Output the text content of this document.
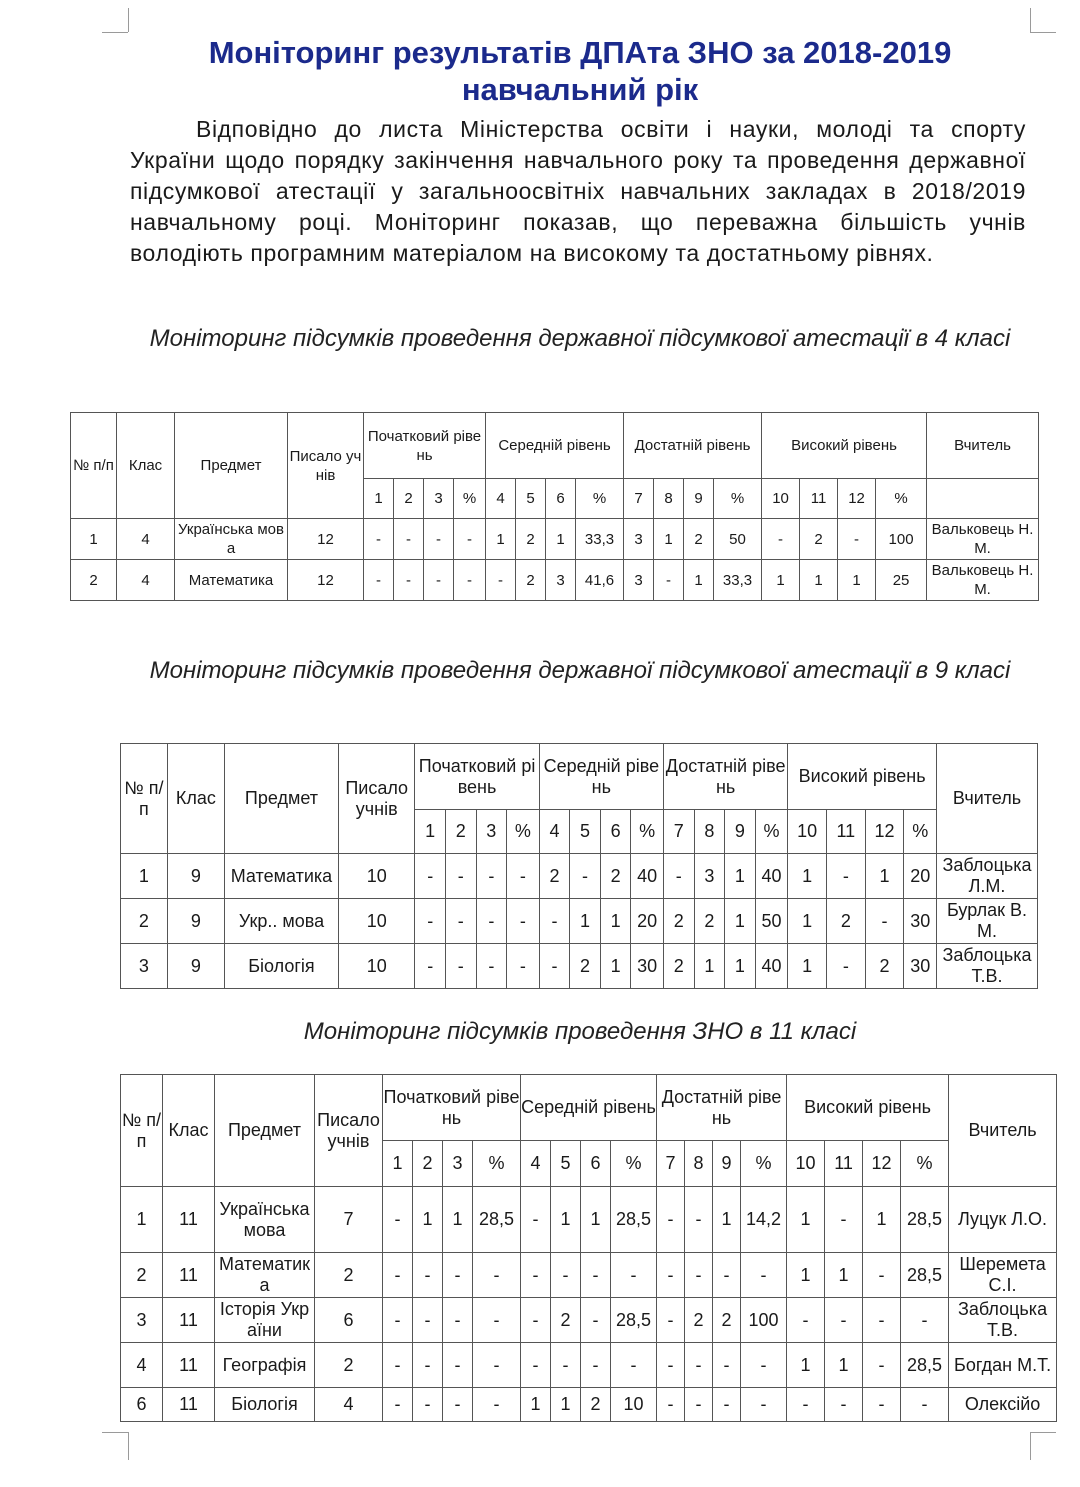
Моніторинг результатів ДПАта ЗНО за 2018-2019 навчальний рік
Відповідно до листа Міністерства освіти і науки, молоді та спорту України щодо порядку закінчення навчального року та проведення державної підсумкової атестації у загальноосвітніх навчальних закладах в 2018/2019 навчальному році. Моніторинг показав, що переважна більшість учнів володіють програмним матеріалом на високому та достатньому рівнях.
Моніторинг підсумків проведення державної підсумкової атестації в 4 класі
№ п/п	Клас	Предмет	Писало учнів	Початковий рівень				Середній рівень				Достатній рівень				Високий рівень				Вчитель
				1	2	3	%	4	5	6	%	7	8	9	%	10	11	12	%	
1	4	Українська мова	12	-	-	-	-	1	2	1	33,3	3	1	2	50	-	2	-	100	Вальковець Н.М.
2	4	Математика	12	-	-	-	-	-	2	3	41,6	3	-	1	33,3	1	1	1	25	Вальковець Н.М.
Моніторинг підсумків проведення державної підсумкової атестації в 9 класі
№ п/п	Клас	Предмет	Писало учнів	Початковий рівень				Середній рівень				Достатній рівень				Високий рівень				Вчитель
				1	2	3	%	4	5	6	%	7	8	9	%	10	11	12	%	
1	9	Математика	10	-	-	-	-	2	-	2	40	-	3	1	40	1	-	1	20	Заблоцька Л.М.
2	9	Укр.. мова	10	-	-	-	-	-	1	1	20	2	2	1	50	1	2	-	30	Бурлак В.М.
3	9	Біологія	10	-	-	-	-	-	2	1	30	2	1	1	40	1	-	2	30	Заблоцька Т.В.
Моніторинг підсумків проведення ЗНО в 11 класі
№ п/п	Клас	Предмет	Писало учнів	Початковий рівень				Середній рівень				Достатній рівень				Високий рівень				Вчитель
				1	2	3	%	4	5	6	%	7	8	9	%	10	11	12	%	
1	11	Українська мова	7	-	1	1	28,5	-	1	1	28,5	-	-	1	14,2	1	-	1	28,5	Луцук Л.О.
2	11	Математика	2	-	-	-	-	-	-	-	-	-	-	-	-	1	1	-	28,5	Шеремета С.І.
3	11	Історія України	6	-	-	-	-	-	2	-	28,5	-	2	2	100	-	-	-	-	Заблоцька Т.В.
4	11	Географія	2	-	-	-	-	-	-	-	-	-	-	-	-	1	1	-	28,5	Богдан М.Т.
6	11	Біологія	4	-	-	-	-	1	1	2	10	-	-	-	-	-	-	-	-	Олексійо
